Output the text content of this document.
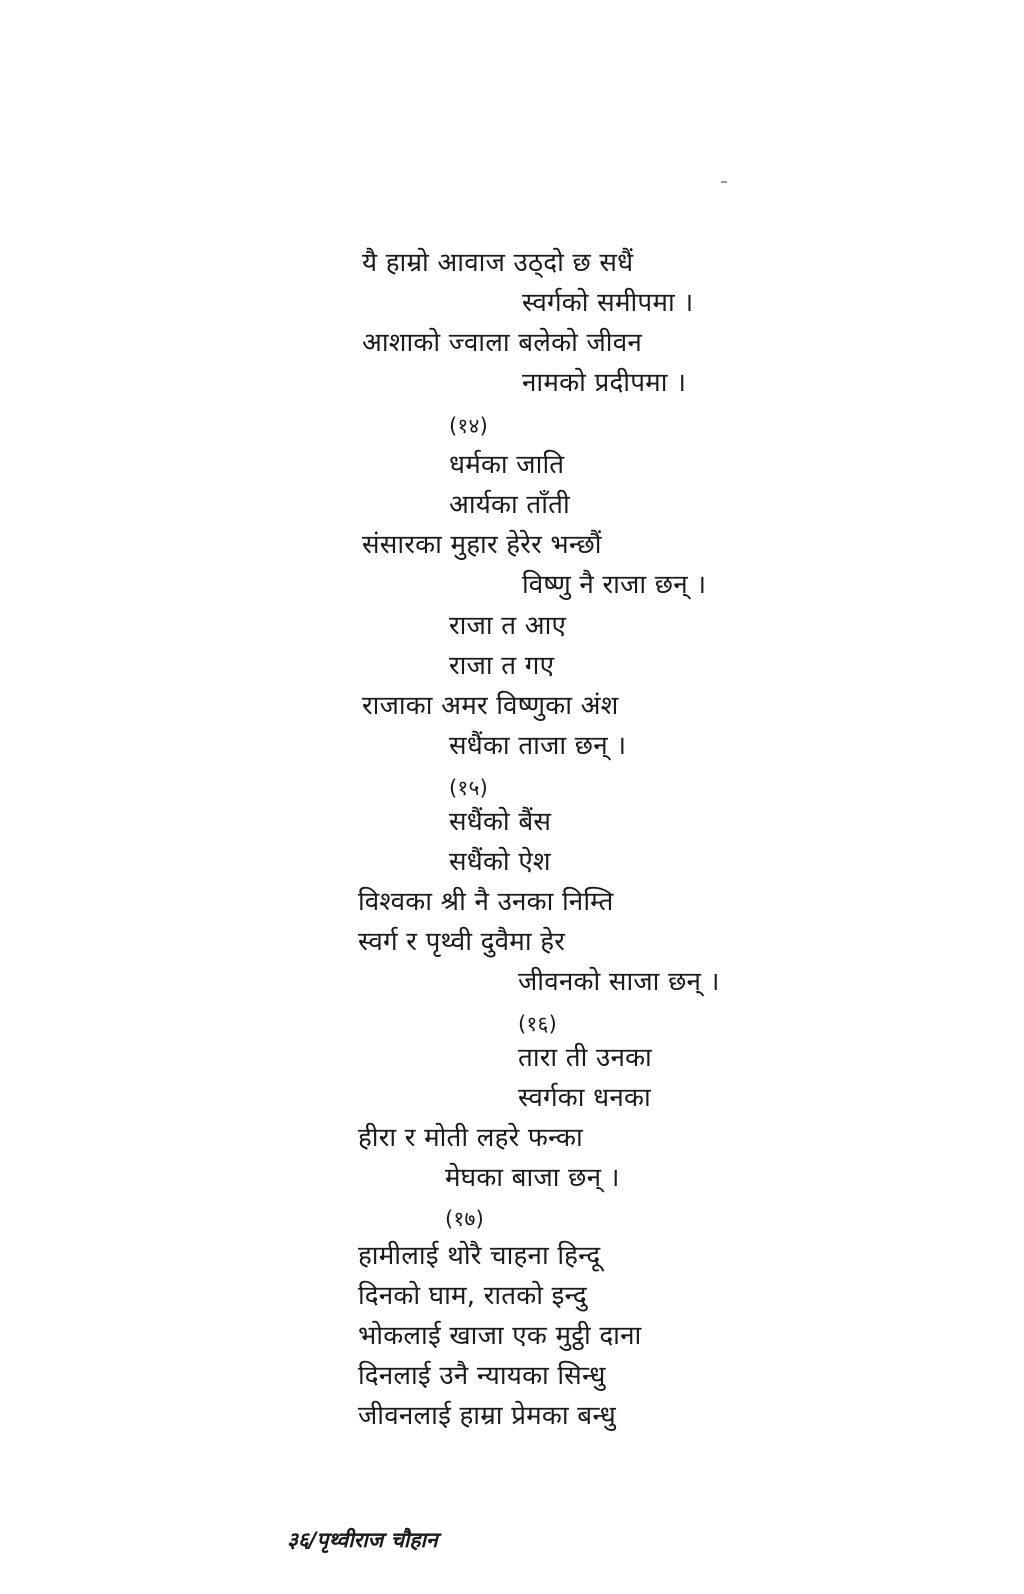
यै हाम्रो आवाज उठ्दो छ सधैं
स्वर्गको समीपमा ।
आशाको ज्वाला बलेको जीवन
नामको प्रदीपमा ।
(१४)
धर्मका जाति
आर्यका ताँती
संसारका मुहार हेरेर भन्छौं
विष्णु नै राजा छन् ।
राजा त आए
राजा त गए
राजाका अमर विष्णुका अंश
सधैंका ताजा छन् ।
(१५)
सधैंको बैंस
सधैंको ऐश
विश्वका श्री नै उनका निम्ति
स्वर्ग र पृथ्वी दुवैमा हेर
जीवनको साजा छन् ।
(१६)
तारा ती उनका
स्वर्गका धनका
हीरा र मोती लहरे फन्का
मेघका बाजा छन् ।
(१७)
हामीलाई थोरै चाहना हिन्दू
दिनको घाम, रातको इन्दु
भोकलाई खाजा एक मुट्ठी दाना
दिनलाई उनै न्यायका सिन्धु
जीवनलाई हाम्रा प्रेमका बन्धु
३६/पृथ्वीराज चौहान
